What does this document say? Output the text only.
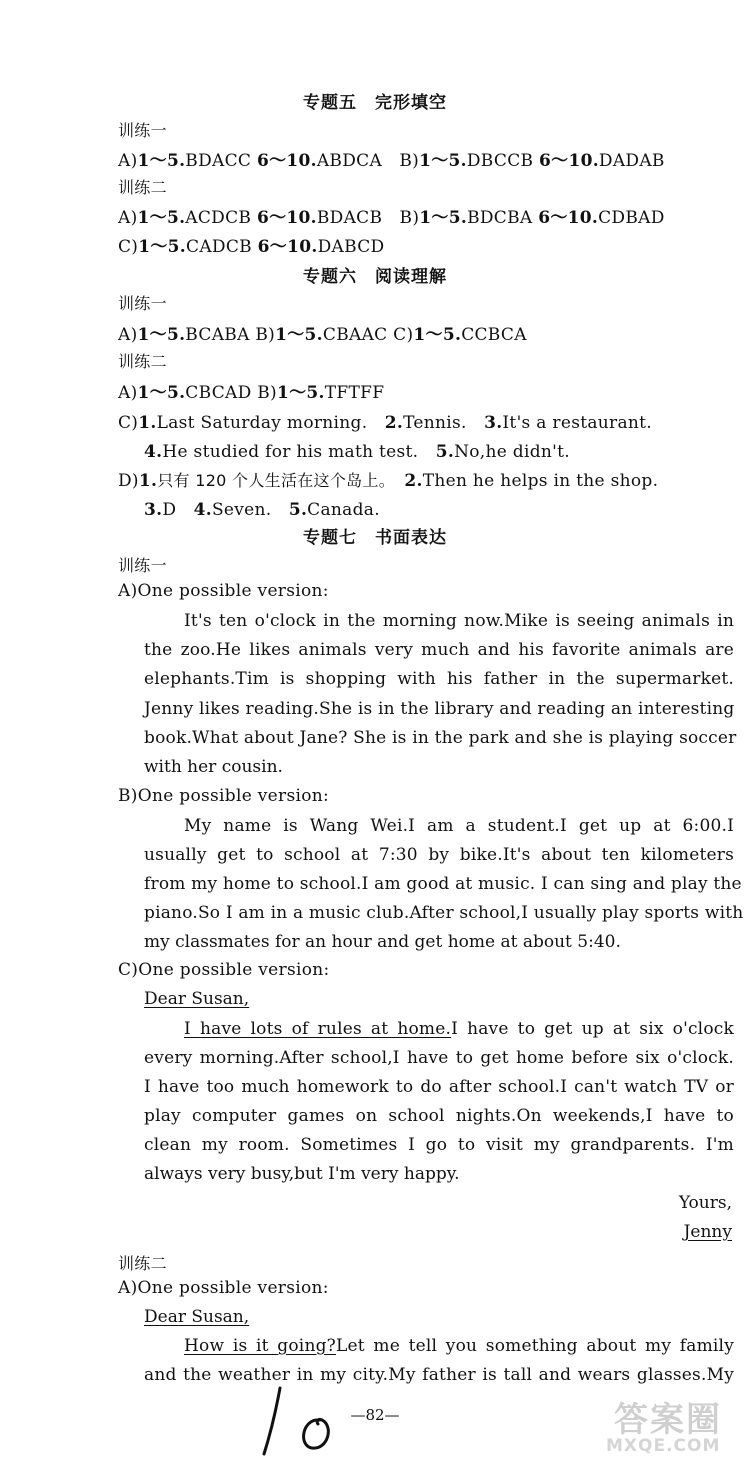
专题五　完形填空
训练一
A)1～5.BDACC 6～10.ABDCA　B)1～5.DBCCB 6～10.DADAB
训练二
A)1～5.ACDCB 6～10.BDACB　B)1～5.BDCBA 6～10.CDBAD
C)1～5.CADCB 6～10.DABCD
专题六　阅读理解
训练一
A)1～5.BCABA B)1～5.CBAAC C)1～5.CCBCA
训练二
A)1～5.CBCAD B)1～5.TFTFF
C)1.Last Saturday morning.　 2.Tennis.　 3.It's a restaurant.
4.He studied for his math test.　 5.No,he didn't.
D)1.只有 120 个人生活在这个岛上。　 2.Then he helps in the shop.
3.D　 4.Seven.　 5.Canada.
专题七　书面表达
训练一
A)One possible version:
It's ten o'clock in the morning now.Mike is seeing animals in
the zoo.He likes animals very much and his favorite animals are
elephants.Tim is shopping with his father in the supermarket.
Jenny likes reading.She is in the library and reading an interesting
book.What about Jane? She is in the park and she is playing soccer
with her cousin.
B)One possible version:
My name is Wang Wei.I am a student.I get up at 6:00.I
usually get to school at 7:30 by bike.It's about ten kilometers
from my home to school.I am good at music. I can sing and play the
piano.So I am in a music club.After school,I usually play sports with
my classmates for an hour and get home at about 5:40.
C)One possible version:
Dear Susan,
I have lots of rules at home.I have to get up at six o'clock
every morning.After school,I have to get home before six o'clock.
I have too much homework to do after school.I can't watch TV or
play computer games on school nights.On weekends,I have to
clean my room. Sometimes I go to visit my grandparents. I'm
always very busy,but I'm very happy.
Yours,
Jenny
训练二
A)One possible version:
Dear Susan,
How is it going?Let me tell you something about my family
and the weather in my city.My father is tall and wears glasses.My
—82—	答案圈
MXQE.COM
